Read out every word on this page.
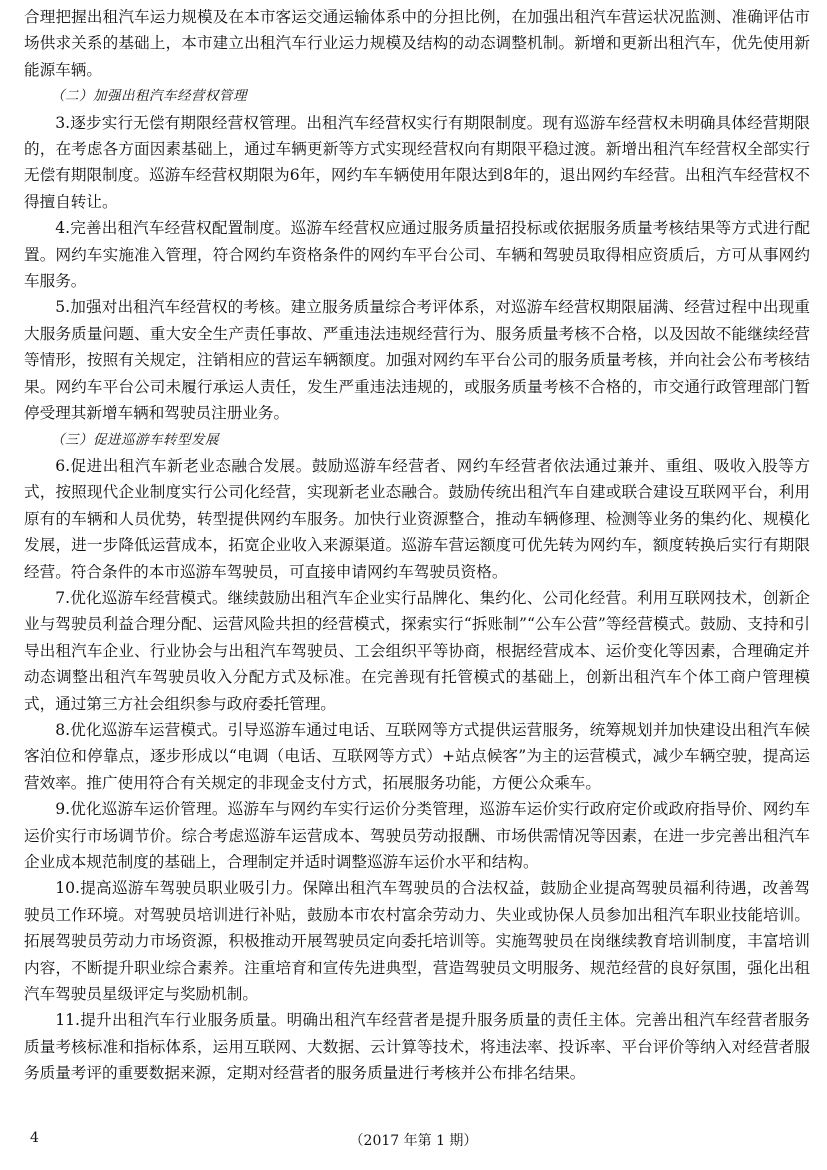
合理把握出租汽车运力规模及在本市客运交通运输体系中的分担比例，在加强出租汽车营运状况监测、准确评估市场供求关系的基础上，本市建立出租汽车行业运力规模及结构的动态调整机制。新增和更新出租汽车，优先使用新能源车辆。

（二）加强出租汽车经营权管理

3.逐步实行无偿有期限经营权管理。出租汽车经营权实行有期限制度。现有巡游车经营权未明确具体经营期限的，在考虑各方面因素基础上，通过车辆更新等方式实现经营权向有期限平稳过渡。新增出租汽车经营权全部实行无偿有期限制度。巡游车经营权期限为6年，网约车车辆使用年限达到8年的，退出网约车经营。出租汽车经营权不得擅自转让。

4.完善出租汽车经营权配置制度。巡游车经营权应通过服务质量招投标或依据服务质量考核结果等方式进行配置。网约车实施准入管理，符合网约车资格条件的网约车平台公司、车辆和驾驶员取得相应资质后，方可从事网约车服务。

5.加强对出租汽车经营权的考核。建立服务质量综合考评体系，对巡游车经营权期限届满、经营过程中出现重大服务质量问题、重大安全生产责任事故、严重违法违规经营行为、服务质量考核不合格，以及因故不能继续经营等情形，按照有关规定，注销相应的营运车辆额度。加强对网约车平台公司的服务质量考核，并向社会公布考核结果。网约车平台公司未履行承运人责任，发生严重违法违规的，或服务质量考核不合格的，市交通行政管理部门暂停受理其新增车辆和驾驶员注册业务。

（三）促进巡游车转型发展

6.促进出租汽车新老业态融合发展。鼓励巡游车经营者、网约车经营者依法通过兼并、重组、吸收入股等方式，按照现代企业制度实行公司化经营，实现新老业态融合。鼓励传统出租汽车自建或联合建设互联网平台，利用原有的车辆和人员优势，转型提供网约车服务。加快行业资源整合，推动车辆修理、检测等业务的集约化、规模化发展，进一步降低运营成本，拓宽企业收入来源渠道。巡游车营运额度可优先转为网约车，额度转换后实行有期限经营。符合条件的本市巡游车驾驶员，可直接申请网约车驾驶员资格。

7.优化巡游车经营模式。继续鼓励出租汽车企业实行品牌化、集约化、公司化经营。利用互联网技术，创新企业与驾驶员利益合理分配、运营风险共担的经营模式，探索实行“拆账制”“公车公营”等经营模式。鼓励、支持和引导出租汽车企业、行业协会与出租汽车驾驶员、工会组织平等协商，根据经营成本、运价变化等因素，合理确定并动态调整出租汽车驾驶员收入分配方式及标准。在完善现有托管模式的基础上，创新出租汽车个体工商户管理模式，通过第三方社会组织参与政府委托管理。

8.优化巡游车运营模式。引导巡游车通过电话、互联网等方式提供运营服务，统筹规划并加快建设出租汽车候客泊位和停靠点，逐步形成以“电调（电话、互联网等方式）+站点候客”为主的运营模式，减少车辆空驶，提高运营效率。推广使用符合有关规定的非现金支付方式，拓展服务功能，方便公众乘车。

9.优化巡游车运价管理。巡游车与网约车实行运价分类管理，巡游车运价实行政府定价或政府指导价、网约车运价实行市场调节价。综合考虑巡游车运营成本、驾驶员劳动报酬、市场供需情况等因素，在进一步完善出租汽车企业成本规范制度的基础上，合理制定并适时调整巡游车运价水平和结构。

10.提高巡游车驾驶员职业吸引力。保障出租汽车驾驶员的合法权益，鼓励企业提高驾驶员福利待遇，改善驾驶员工作环境。对驾驶员培训进行补贴，鼓励本市农村富余劳动力、失业或协保人员参加出租汽车职业技能培训。拓展驾驶员劳动力市场资源，积极推动开展驾驶员定向委托培训等。实施驾驶员在岗继续教育培训制度，丰富培训内容，不断提升职业综合素养。注重培育和宣传先进典型，营造驾驶员文明服务、规范经营的良好氛围，强化出租汽车驾驶员星级评定与奖励机制。

11.提升出租汽车行业服务质量。明确出租汽车经营者是提升服务质量的责任主体。完善出租汽车经营者服务质量考核标准和指标体系，运用互联网、大数据、云计算等技术，将违法率、投诉率、平台评价等纳入对经营者服务质量考评的重要数据来源，定期对经营者的服务质量进行考核并公布排名结果。

（2017 年第 1 期）
4
